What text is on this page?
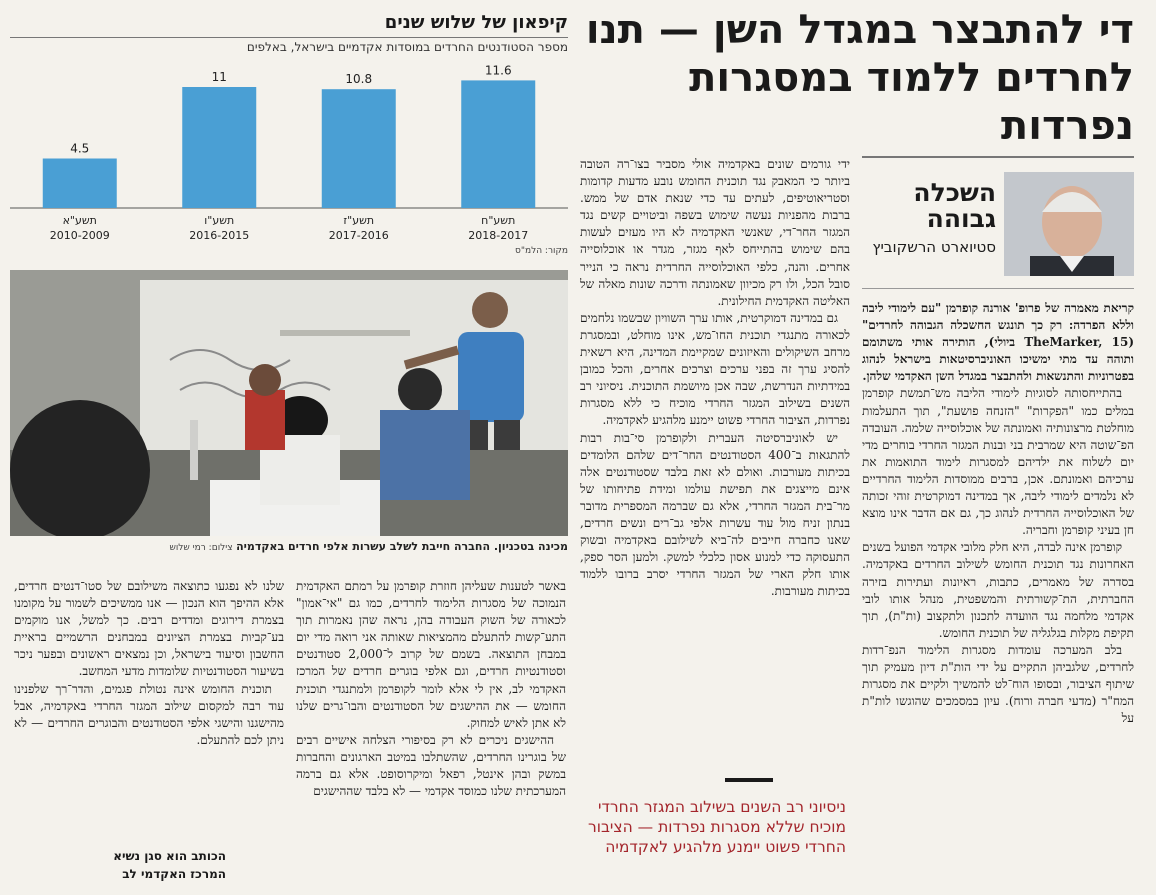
די להתבצר במגדל השן — תנו
לחרדים ללמוד במסגרות נפרדות
קיפאון של שלוש שנים
מספר הסטודנטים החרדים במוסדות אקדמיים בישראל, באלפים
4.5
תשע"א
2010-2009
11
תשע"ו
2016-2015
10.8
תשע"ז
2017-2016
11.6
תשע"ח
2018-2017
מקור: הלמ"ס
מכינה בטכניון. החברה חייבת לשלב עשרות אלפי חרדים באקדמיה צילום: רמי שלוש
השכלה
גבוהה
סטיוארט הרשקוביץ

קריאת מאמרה של פרופ' אורנה קופרמן "עם לימודי ליבה וללא הפרדה: רק כך תונגש החשכלה הגבוהה לחרדים" (TheMarker, 15 ביולי), הותירה אותי משתומם ותוהה עד מתי ימשיכו האוניברסיטאות בישראל לנהוג בפטרוניות והתנשאות ולהתבצר במגדל השן האקדמי שלהן.

בהתייחסותה לסוגיות לימודי הליבה מש־תמשת קופרמן במלים כמו "הפקרות" "הזנחה פושעת", תוך התעלמות מוחלטת מרצונותיה ואמונתה של אוכלוסייה שלמה. העובדה הפ־שוטה היא שמרבית בני ובנות המגזר החרדי בוחרים מדי יום לשלוח את ילדיהם למסגרות לימוד התואמות את ערכיהם ואמונתם. אכן, ברבים ממוסדות הלימוד החרדיים לא נלמדים לימודי ליבה, אך במדינה דמוקרטית זוהי זכותה של האוכלוסייה החרדית לנהוג כך, גם אם הדבר אינו מוצא חן בעיני קופרמן וחבריה.

קופרמן אינה לבדה, היא חלק מלובי אקדמי הפועל בשנים האחרונות נגד תוכנית החומש לשילוב החרדים באקדמיה. בסדרה של מאמרים, כתבות, ראיונות ועתירות בזירה החברתית, הת־קשורתית והמשפטית, מנהל אותו לובי אקדמי מלחמה נגד הוועדה לתכנון ולתקצוב (ות"ת), תוך תקיפת מקלות בגלגליה של תוכנית החומש.

בלב המערכה עומדות מסגרות הלימוד הנפ־רדות לחרדים, שלגביהן התקיים על ידי הות"ת דיון מעמיק תוך שיתוף הציבור, ובסופו הוח־לט להמשיך ולקיים את מסגרות המח"ר (מדעי חברה ורוח). עיון במסמכים שהוגשו לות"ת על

ידי גורמים שונים באקדמיה אולי מסביר בצו־רה הטובה ביותר כי המאבק נגד תוכנית החומש נובע מדעות קדומות וסטריאוטיפים, לעתים עד כדי שנאת אדם של ממש. ברבות מהפניות נעשה שימוש בשפה וביטויים קשים נגד המגזר החר־די, שאנשי האקדמיה לא היו מעזים לעשות בהם שימוש בהתייחס לאף מגזר, מגדר או אוכלוסייה אחרים. והנה, כלפי האוכלוסייה החרדית נראה כי הנייר סובל הכל, ולו רק מכיוון שאמונתה ודרכה שונות מאלה של האליטה האקדמית החילונית.

גם במדינה דמוקרטית, אותו ערך השוויון שבשמו נלחמים לכאורה מתנגדי תוכנית החו־מש, אינו מוחלט, ובמסגרת מרחב השיקולים והאיזונים שמקיימת המדינה, היא רשאית להסיג ערך זה בפני ערכים וצרכים אחרים, והכל כמובן במידתיות הנדרשת, שבה אכן מיושמת התוכנית. ניסיוני רב השנים בשילוב המגזר החרדי מוכיח כי ללא מסגרות נפרדות, הציבור החרדי פשוט יימנע מלהגיע לאקדמיה.

יש לאוניברסיטה העברית ולקופרמן סי־בות רבות להתגאות ב־400 הסטודנטים החר־דים שלהם הלומדים בכיתות מעורבות. ואולם לא זאת בלבד שסטודנטים אלה אינם מייצגים את תפישת עולמו ומידת פתיחותו של מר־בית המגזר החרדי, אלא גם שברמה המספרית מדובר בנתון זניח מול עוד עשרות אלפי גב־רים ונשים חרדים, שאנו כחברה חייבים לה־ביא לשילובם באקדמיה ובשוק התעסוקה כדי למנוע אסון כלכלי למשק. ולמען הסר ספק, אותו חלק הארי של המגזר החרדי יסרב ברובו ללמוד בכיתות מעורבות.

ניסיוני רב השנים בשילוב המגזר החרדי מוכיח שללא מסגרות נפרדות — הציבור החרדי פשוט יימנע מלהגיע לאקדמיה

באשר לטענות שעליהן חוזרת קופרמן על רמתם האקדמית הנמוכה של מסגרות הלימוד לחרדים, כמו גם "אי־אמון" לכאורה של השוק העבודה בהן, נראה שהן נאמרות תוך התע־קשות להתעלם מהמציאות שאותה אני רואה מדי יום במבחן התוצאה. בשמם של קרוב ל־2,000 סטודנטים וסטודנטיות חרדים, וגם אלפי בוגרים חרדים של המרכז האקדמי לב, אין לי אלא לומר לקופרמן ולמתנגדי תוכנית החומש — את ההישגים של הסטודנטים והבו־גרים שלנו לא אתן לאיש למחוק.

ההישגים ניכרים לא רק בסיפורי הצלחה אישיים רבים של בוגרינו החרדים, שהשתלבו במיטב הארגונים והחברות במשק ובהן אינטל, רפאל ומיקרוסופט. אלא גם ברמה המערכתית שלנו כמוסד אקדמי — לא בלבד שההישגים

שלנו לא נפגעו כתוצאה משילובם של סטו־דנטים חרדים, אלא ההיפך הוא הנכון — אנו ממשיכים לשמור על מקומנו בצמרת דירוגים ומדדים רבים. כך למשל, אנו מוקמים בע־קביות בצמרת הציונים במבחנים הרשמיים בראיית החשבון וסיעוד בישראל, וכן נמצאים ראשונים ובפער ניכר בשיעור הסטודנטיות שלומדות מדעי המחשב.

תוכנית החומש אינה נטולת פגמים, והדר־רך שלפנינו עוד רבה למקסום שילוב המגזר החרדי באקדמיה, אבל מהישגנו והישגי אלפי הסטודנטים והבוגרים החרדים — לא ניתן לכם להתעלם.

הכותב הוא סגן נשיא
המרכז האקדמי לב
